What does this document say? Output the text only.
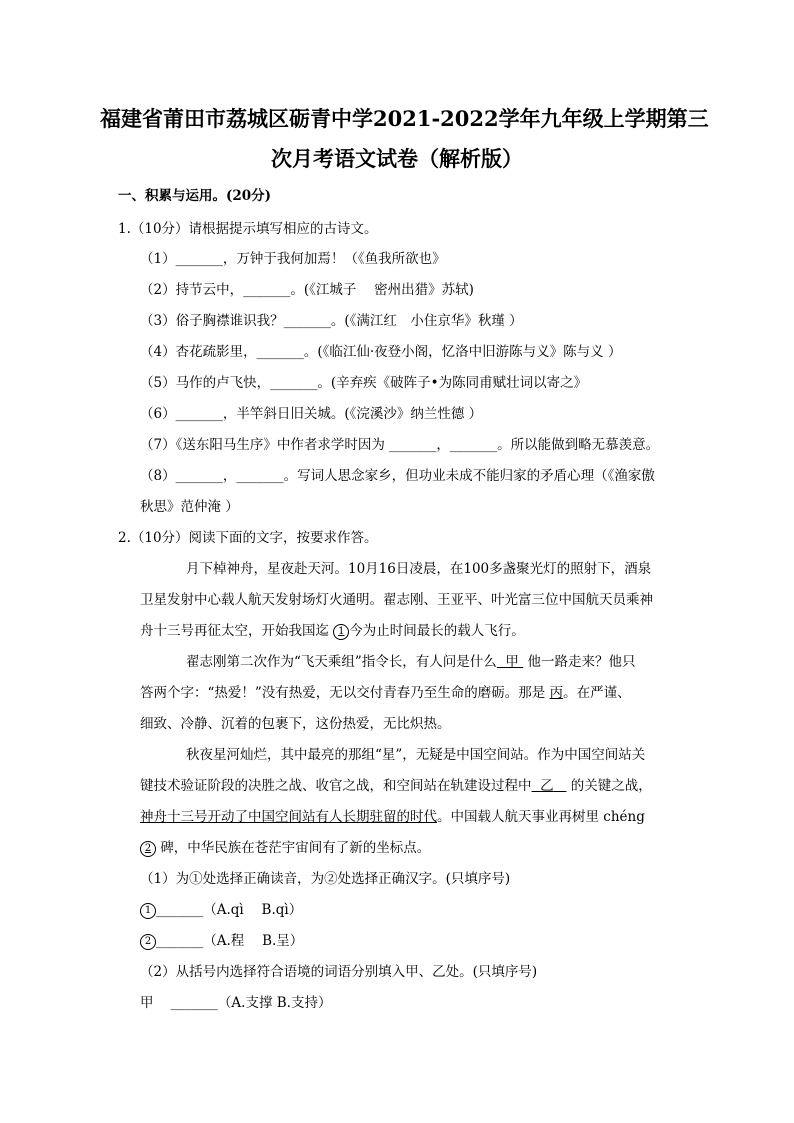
福建省莆田市荔城区砺青中学2021-2022学年九年级上学期第三
次月考语文试卷（解析版）
一、积累与运用。(20分)
1.（10分）请根据提示填写相应的古诗文。
（1）_______，万钟于我何加焉！（《鱼我所欲也》
（2）持节云中，_______。(《江城子　 密州出猎》苏轼)
（3）俗子胸襟谁识我？_______。(《满江红　小住京华》秋瑾 ）
（4）杏花疏影里，_______。(《临江仙·夜登小阁，忆洛中旧游陈与义》陈与义 ）
（5）马作的卢飞快，_______。(辛弃疾《破阵子•为陈同甫赋壮词以寄之》
（6）_______，半竿斜日旧关城。(《浣溪沙》纳兰性德 ）
（7）《送东阳马生序》中作者求学时因为 _______，_______。所以能做到略无慕羡意。
（8）_______，_______。写词人思念家乡，但功业未成不能归家的矛盾心理（《渔家傲
秋思》范仲淹 ）
2.（10分）阅读下面的文字，按要求作答。
月下棹神舟，星夜赴天河。10月16日凌晨，在100多盏聚光灯的照射下，酒泉
卫星发射中心载人航天发射场灯火通明。翟志刚、王亚平、叶光富三位中国航天员乘神
舟十三号再征太空，开始我国迄 1 今为止时间最长的载人飞行。
翟志刚第二次作为“飞天乘组”指令长，有人问是什么 甲 他一路走来？他只
答两个字：“热爱！”没有热爱，无以交付青春乃至生命的磨砺。那是 丙。在严谨、
细致、冷静、沉着的包裹下，这份热爱，无比炽热。
秋夜星河灿烂，其中最亮的那组“星”，无疑是中国空间站。作为中国空间站关
键技术验证阶段的决胜之战、收官之战，和空间站在轨建设过程中 乙 的关键之战，
神舟十三号开动了中国空间站有人长期驻留的时代。中国载人航天事业再树里 chéng
2 碑，中华民族在苍茫宇宙间有了新的坐标点。
（1）为①处选择正确读音，为②处选择正确汉字。(只填序号)
1 _______（A.qì　 B.qì）
2 _______（A.程　 B.呈）
（2）从括号内选择符合语境的词语分别填入甲、乙处。(只填序号)
甲 _______（A.支撑 B.支持）
